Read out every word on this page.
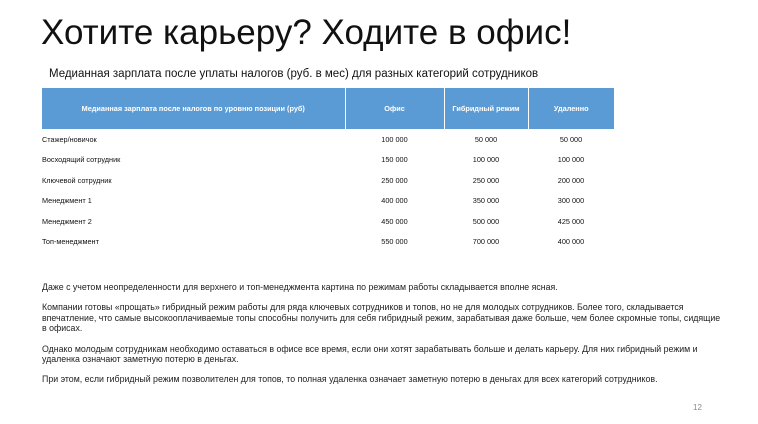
Хотите карьеру? Ходите в офис!
Медианная зарплата после уплаты налогов (руб. в мес) для разных категорий сотрудников
Медианная зарплата после налогов по уровню позиции (руб)	Офис	Гибридный режим	Удаленно
Стажер/новичок	100 000	50 000	50 000
Восходящий сотрудник	150 000	100 000	100 000
Ключевой сотрудник	250 000	250 000	200 000
Менеджмент 1	400 000	350 000	300 000
Менеджмент 2	450 000	500 000	425 000
Топ-менеджмент	550 000	700 000	400 000

Даже с учетом неопределенности для верхнего и топ-менеджмента картина по режимам работы складывается вполне ясная.

Компании готовы «прощать» гибридный режим работы для ряда ключевых сотрудников и топов, но не для молодых сотрудников. Более того, складывается впечатление, что самые высокооплачиваемые топы способны получить для себя гибридный режим, зарабатывая даже больше, чем более скромные топы, сидящие в офисах.

Однако молодым сотрудникам необходимо оставаться в офисе все время, если они хотят зарабатывать больше и делать карьеру. Для них гибридный режим и удаленка означают заметную потерю в деньгах.

При этом, если гибридный режим позволителен для топов, то полная удаленка означает заметную потерю в деньгах для всех категорий сотрудников.

12
